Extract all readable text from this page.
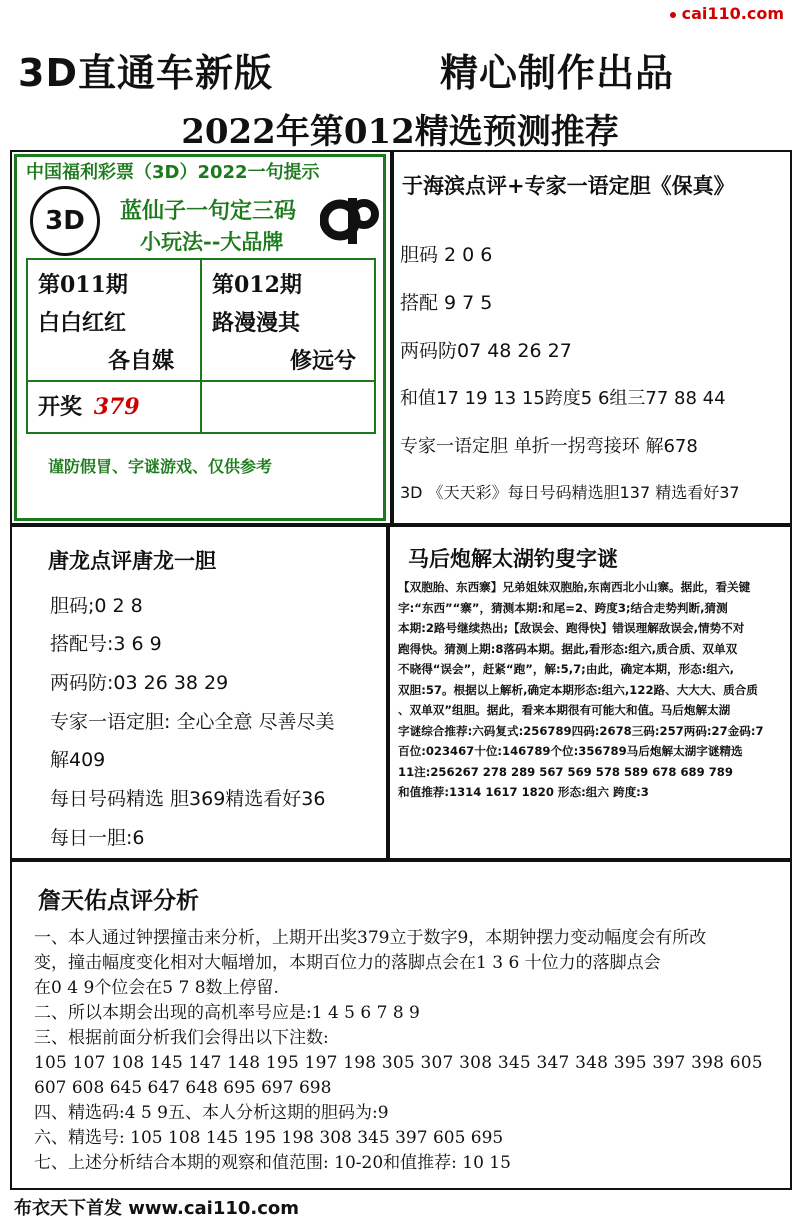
cai110.com
3D直通车新版	精心制作出品
2022年第012精选预测推荐
中国福利彩票（3D）2022一句提示
3D	蓝仙子一句定三码
小玩法--大品牌
第011期
白白红红
各自媒
第012期
路漫漫其
修远兮
开奖 379
谨防假冒、字谜游戏、仅供参考
于海滨点评+专家一语定胆《保真》
胆码 2 0 6
搭配 9 7 5
两码防07 48 26 27
和值17 19 13 15跨度5 6组三77 88 44
专家一语定胆 单折一拐弯接环 解678
3D 《天天彩》每日号码精选胆137 精选看好37
唐龙点评唐龙一胆
胆码;0 2 8
搭配号:3 6 9
两码防:03 26 38 29
专家一语定胆: 全心全意 尽善尽美
解409
每日号码精选 胆369精选看好36
每日一胆:6
马后炮解太湖钓叟字谜
【双胞胎、东西寨】兄弟姐妹双胞胎,东南西北小山寨。据此，看关键
字:“东西”“寨”，猜测本期:和尾=2、跨度3;结合走势判断,猜测
本期:2路号继续热出;【敌误会、跑得快】错误理解敌误会,情势不对
跑得快。猜测上期:8落码本期。据此,看形态:组六,质合质、双单双
不晓得“误会”，赶紧“跑”，解:5,7;由此，确定本期，形态:组六,
双胆:57。根据以上解析,确定本期形态:组六,122路、大大大、质合质
、双单双”组胆。据此，看来本期很有可能大和值。马后炮解太湖
字谜综合推荐:六码复式:256789四码:2678三码:257两码:27金码:7
百位:023467十位:146789个位:356789马后炮解太湖字谜精选
11注:256267 278 289 567 569 578 589 678 689 789
和值推荐:1314 1617 1820 形态:组六 跨度:3
詹天佑点评分析
一、本人通过钟摆撞击来分析，上期开出奖379立于数字9，本期钟摆力变动幅度会有所改
变，撞击幅度变化相对大幅增加，本期百位力的落脚点会在1 3 6 十位力的落脚点会
在0 4 9个位会在5 7 8数上停留.
二、所以本期会出现的高机率号应是:1 4 5 6 7 8 9
三、根据前面分析我们会得出以下注数:
105 107 108 145 147 148 195 197 198 305 307 308 345 347 348 395 397 398 605
607 608 645 647 648 695 697 698
四、精选码:4 5 9五、本人分析这期的胆码为:9
六、精选号: 105 108 145 195 198 308 345 397 605 695
七、上述分析结合本期的观察和值范围: 10-20和值推荐: 10 15
布衣天下首发 www.cai110.com
